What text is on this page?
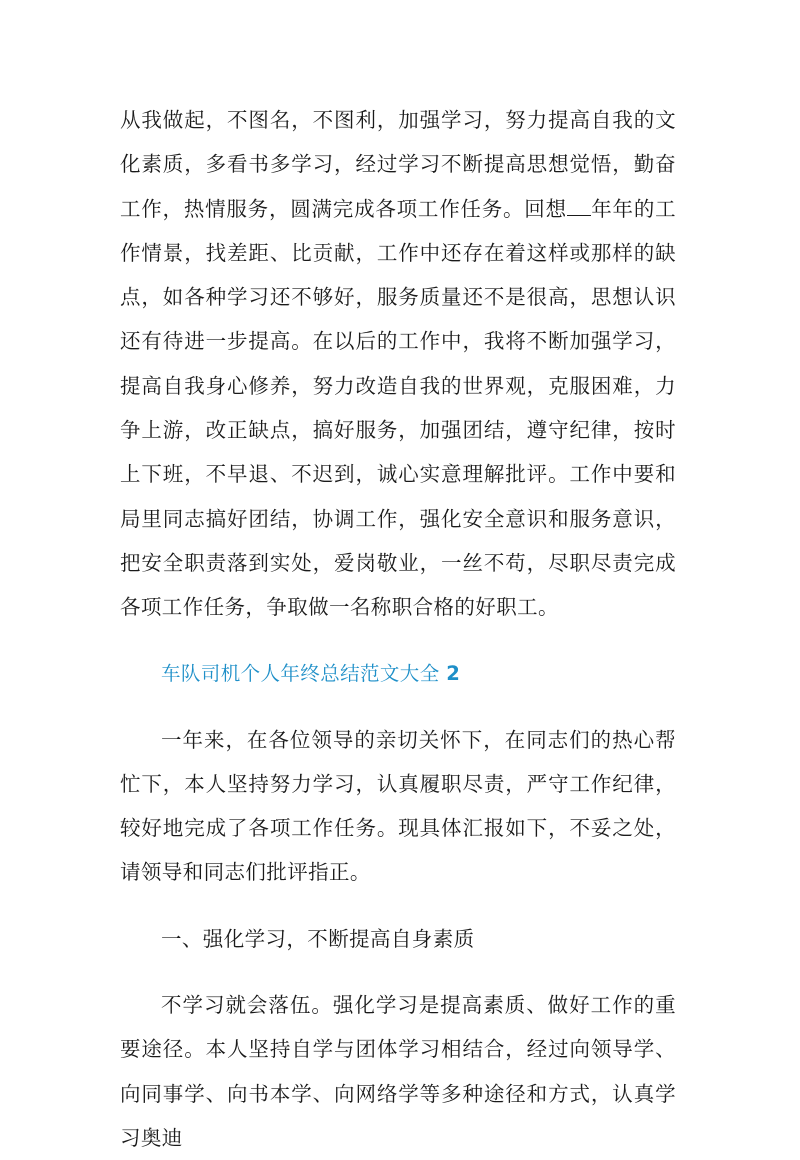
从我做起，不图名，不图利，加强学习，努力提高自我的文化素质，多看书多学习，经过学习不断提高思想觉悟，勤奋工作，热情服务，圆满完成各项工作任务。回想 年年的工作情景，找差距、比贡献，工作中还存在着这样或那样的缺点，如各种学习还不够好，服务质量还不是很高，思想认识还有待进一步提高。在以后的工作中，我将不断加强学习，提高自我身心修养，努力改造自我的世界观，克服困难，力争上游，改正缺点，搞好服务，加强团结，遵守纪律，按时上下班，不早退、不迟到，诚心实意理解批评。工作中要和局里同志搞好团结，协调工作，强化安全意识和服务意识，把安全职责落到实处，爱岗敬业，一丝不苟，尽职尽责完成各项工作任务，争取做一名称职合格的好职工。

车队司机个人年终总结范文大全 2

一年来，在各位领导的亲切关怀下，在同志们的热心帮忙下，本人坚持努力学习，认真履职尽责，严守工作纪律，较好地完成了各项工作任务。现具体汇报如下，不妥之处，请领导和同志们批评指正。

一、强化学习，不断提高自身素质

不学习就会落伍。强化学习是提高素质、做好工作的重要途径。本人坚持自学与团体学习相结合，经过向领导学、向同事学、向书本学、向网络学等多种途径和方式，认真学习奥迪
